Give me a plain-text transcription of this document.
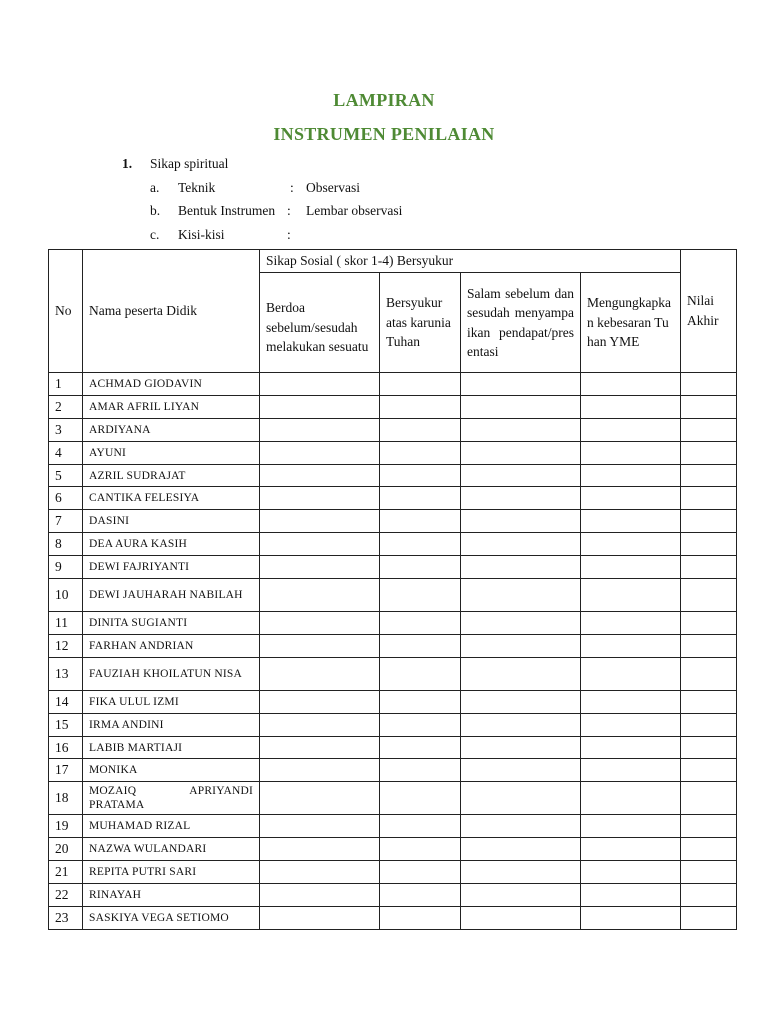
LAMPIRAN
INSTRUMEN PENILAIAN
1. Sikap spiritual
a. Teknik	: Observasi
b. Bentuk Instrumen : Lembar observasi
c. Kisi-kisi	:
No	Nama peserta Didik	Sikap Sosial ( skor 1-4) Bersyukur				Nilai Akhir
		Berdoa sebelum/sesudah melakukan sesuatu	Bersyukur atas karunia Tuhan	Salam sebelum dan sesudah menyampaikan pendapat/presentasi	Mengungkapkan kebesaran Tuhan YME	
1	ACHMAD GIODAVIN					
2	AMAR AFRIL LIYAN					
3	ARDIYANA					
4	AYUNI					
5	AZRIL SUDRAJAT					
6	CANTIKA FELESIYA					
7	DASINI					
8	DEA AURA KASIH					
9	DEWI FAJRIYANTI					
10	DEWI JAUHARAH NABILAH					
11	DINITA SUGIANTI					
12	FARHAN ANDRIAN					
13	FAUZIAH KHOILATUN NISA					
14	FIKA ULUL IZMI					
15	IRMA ANDINI					
16	LABIB MARTIAJI					
17	MONIKA					
18	MOZAIQ APRIYANDI PRATAMA					
19	MUHAMAD RIZAL					
20	NAZWA WULANDARI					
21	REPITA PUTRI SARI					
22	RINAYAH					
23	SASKIYA VEGA SETIOMO					
